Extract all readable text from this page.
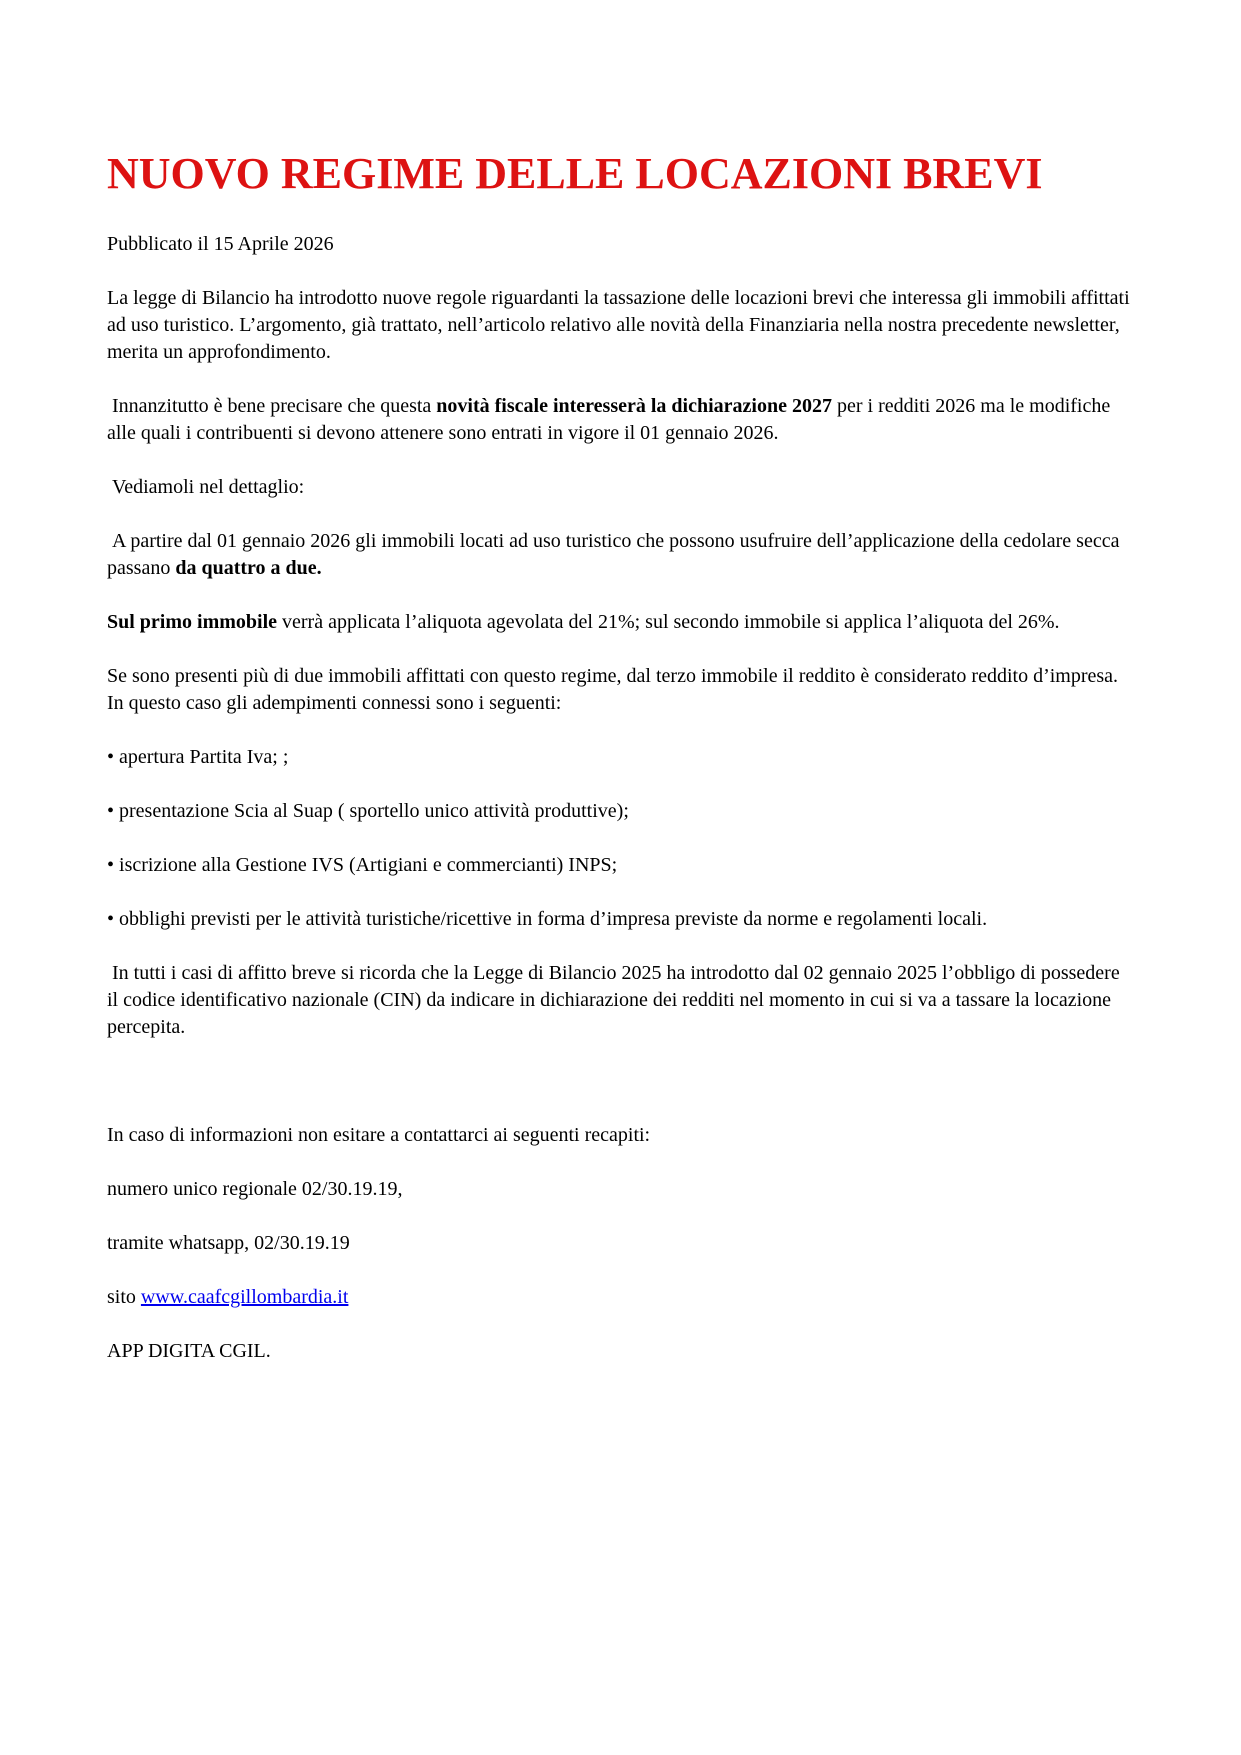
NUOVO REGIME DELLE LOCAZIONI BREVI

Pubblicato il 15 Aprile 2026

La legge di Bilancio ha introdotto nuove regole riguardanti la tassazione delle locazioni brevi che interessa gli immobili affittati ad uso turistico. L’argomento, già trattato, nell’articolo relativo alle novità della Finanziaria nella nostra precedente newsletter, merita un approfondimento.

Innanzitutto è bene precisare che questa novità fiscale interesserà la dichiarazione 2027 per i redditi 2026 ma le modifiche alle quali i contribuenti si devono attenere sono entrati in vigore il 01 gennaio 2026.

Vediamoli nel dettaglio:

A partire dal 01 gennaio 2026 gli immobili locati ad uso turistico che possono usufruire dell’applicazione della cedolare secca passano da quattro a due.

Sul primo immobile verrà applicata l’aliquota agevolata del 21%; sul secondo immobile si applica l’aliquota del 26%.

Se sono presenti più di due immobili affittati con questo regime, dal terzo immobile il reddito è considerato reddito d’impresa. In questo caso gli adempimenti connessi sono i seguenti:

• apertura Partita Iva; ;

• presentazione Scia al Suap ( sportello unico attività produttive);

• iscrizione alla Gestione IVS (Artigiani e commercianti) INPS;

• obblighi previsti per le attività turistiche/ricettive in forma d’impresa previste da norme e regolamenti locali.

In tutti i casi di affitto breve si ricorda che la Legge di Bilancio 2025 ha introdotto dal 02 gennaio 2025 l’obbligo di possedere il codice identificativo nazionale (CIN) da indicare in dichiarazione dei redditi nel momento in cui si va a tassare la locazione percepita.

In caso di informazioni non esitare a contattarci ai seguenti recapiti:

numero unico regionale 02/30.19.19,

tramite whatsapp, 02/30.19.19

sito www.caafcgillombardia.it

APP DIGITA CGIL.
